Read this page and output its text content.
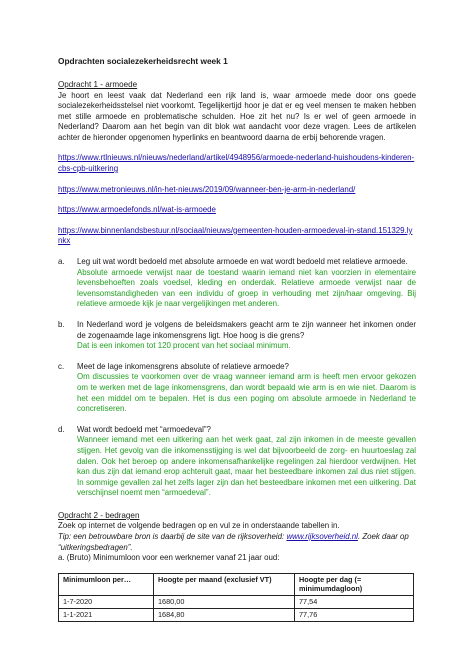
Opdrachten socialezekerheidsrecht week 1

Opdracht 1 - armoede

Je hoort en leest vaak dat Nederland een rijk land is, waar armoede mede door ons goede socialezekerheidsstelsel niet voorkomt. Tegelijkertijd hoor je dat er eg veel mensen te maken hebben met stille armoede en problematische schulden. Hoe zit het nu? Is er wel of geen armoede in Nederland? Daarom aan het begin van dit blok wat aandacht voor deze vragen. Lees de artikelen achter de hieronder opgenomen hyperlinks en beantwoord daarna de erbij behorende vragen.

https://www.rtlnieuws.nl/nieuws/nederland/artikel/4948956/armoede-nederland-huishoudens-kinderen-cbs-cpb-uitkering
https://www.metronieuws.nl/in-het-nieuws/2019/09/wanneer-ben-je-arm-in-nederland/
https://www.armoedefonds.nl/wat-is-armoede
https://www.binnenlandsbestuur.nl/sociaal/nieuws/gemeenten-houden-armoedeval-in-stand.151329.lynkx
a.	Leg uit wat wordt bedoeld met absolute armoede en wat wordt bedoeld met relatieve armoede.

Absolute armoede verwijst naar de toestand waarin iemand niet kan voorzien in elementaire levensbehoeften zoals voedsel, kleding en onderdak. Relatieve armoede verwijst naar de levensomstandigheden van een individu of groep in verhouding met zijn/haar omgeving. Bij relatieve armoede kijk je naar vergelijkingen met anderen.

b.	In Nederland word je volgens de beleidsmakers geacht arm te zijn wanneer het inkomen onder de zogenaamde lage inkomensgrens ligt. Hoe hoog is die grens?

Dat is een inkomen tot 120 procent van het sociaal minimum.

c.	Meet de lage inkomensgrens absolute of relatieve armoede?

Om discussies te voorkomen over de vraag wanneer iemand arm is heeft men ervoor gekozen om te werken met de lage inkomensgrens, dan wordt bepaald wie arm is en wie niet. Daarom is het een middel om te bepalen. Het is dus een poging om absolute armoede in Nederland te concretiseren.

d.	Wat wordt bedoeld met “armoedeval”?

Wanneer iemand met een uitkering aan het werk gaat, zal zijn inkomen in de meeste gevallen stijgen. Het gevolg van die inkomensstijging is wel dat bijvoorbeeld de zorg- en huurtoeslag zal dalen. Ook het beroep op andere inkomensafhankelijke regelingen zal hierdoor verdwijnen. Het kan dus zijn dat iemand erop achteruit gaat, maar het besteedbare inkomen zal dus niet stijgen. In sommige gevallen zal het zelfs lager zijn dan het besteedbare inkomen met een uitkering. Dat verschijnsel noemt men “armoedeval”.

Opdracht 2 - bedragen

Zoek op internet de volgende bedragen op en vul ze in onderstaande tabellen in.

Tip: een betrouwbare bron is daarbij de site van de rijksoverheid: www.rijksoverheid.nl. Zoek daar op “uitkeringsbedragen”.

a. (Bruto) Minimumloon voor een werknemer vanaf 21 jaar oud:

Minimumloon per…	Hoogte per maand (exclusief VT)	Hoogte per dag (= minimumdagloon)
1-7-2020	1680,00	77,54
1-1-2021	1684,80	77,76
